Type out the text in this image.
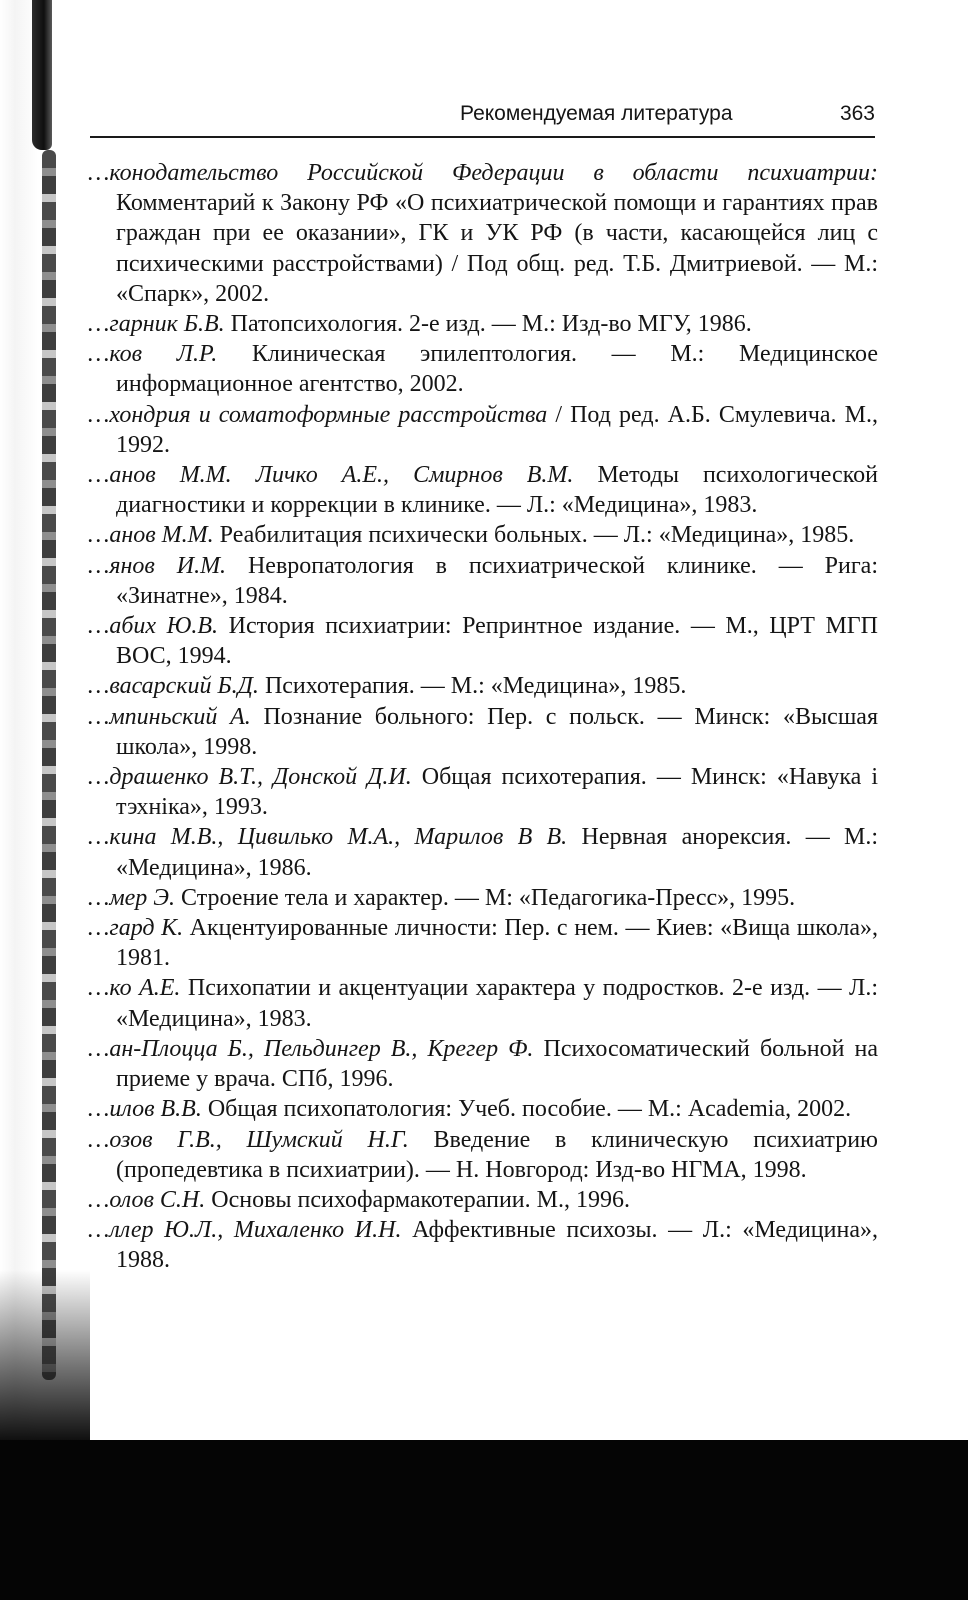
Рекомендуемая литература	363

…конодательство Российской Федерации в области психиатрии: Комментарий к Закону РФ «О психиатрической помощи и гарантиях прав граждан при ее оказании», ГК и УК РФ (в части, касающейся лиц с психическими расстройствами) / Под общ. ред. Т.Б. Дмитриевой. — М.: «Спарк», 2002.

…гарник Б.В. Патопсихология. 2-е изд. — М.: Изд-во МГУ, 1986.

…ков Л.Р. Клиническая эпилептология. — М.: Медицинское информационное агентство, 2002.

…хондрия и соматоформные расстройства / Под ред. А.Б. Смулевича. М., 1992.

…анов М.М. Личко А.Е., Смирнов В.М. Методы психологической диагностики и коррекции в клинике. — Л.: «Медицина», 1983.

…анов М.М. Реабилитация психически больных. — Л.: «Медицина», 1985.

…янов И.М. Невропатология в психиатрической клинике. — Рига: «Зинатне», 1984.

…абих Ю.В. История психиатрии: Репринтное издание. — М., ЦРТ МГП ВОС, 1994.

…васарский Б.Д. Психотерапия. — М.: «Медицина», 1985.

…мпиньский А. Познание больного: Пер. с польск. — Минск: «Высшая школа», 1998.

…драшенко В.Т., Донской Д.И. Общая психотерапия. — Минск: «Навука i тэхнiка», 1993.

…кина М.В., Цивилько М.А., Марилов В В. Нервная анорексия. — М.: «Медицина», 1986.

…мер Э. Строение тела и характер. — М: «Педагогика-Пресс», 1995.

…гард К. Акцентуированные личности: Пер. с нем. — Киев: «Вища школа», 1981.

…ко А.Е. Психопатии и акцентуации характера у подростков. 2-е изд. — Л.: «Медицина», 1983.

…ан-Плоцца Б., Пельдингер В., Крегер Ф. Психосоматический больной на приеме у врача. СПб, 1996.

…илов В.В. Общая психопатология: Учеб. пособие. — М.: Academia, 2002.

…озов Г.В., Шумский Н.Г. Введение в клиническую психиатрию (пропедевтика в психиатрии). — Н. Новгород: Изд-во НГМА, 1998.

…олов С.Н. Основы психофармакотерапии. М., 1996.

…ллер Ю.Л., Михаленко И.Н. Аффективные психозы. — Л.: «Медицина», 1988.
